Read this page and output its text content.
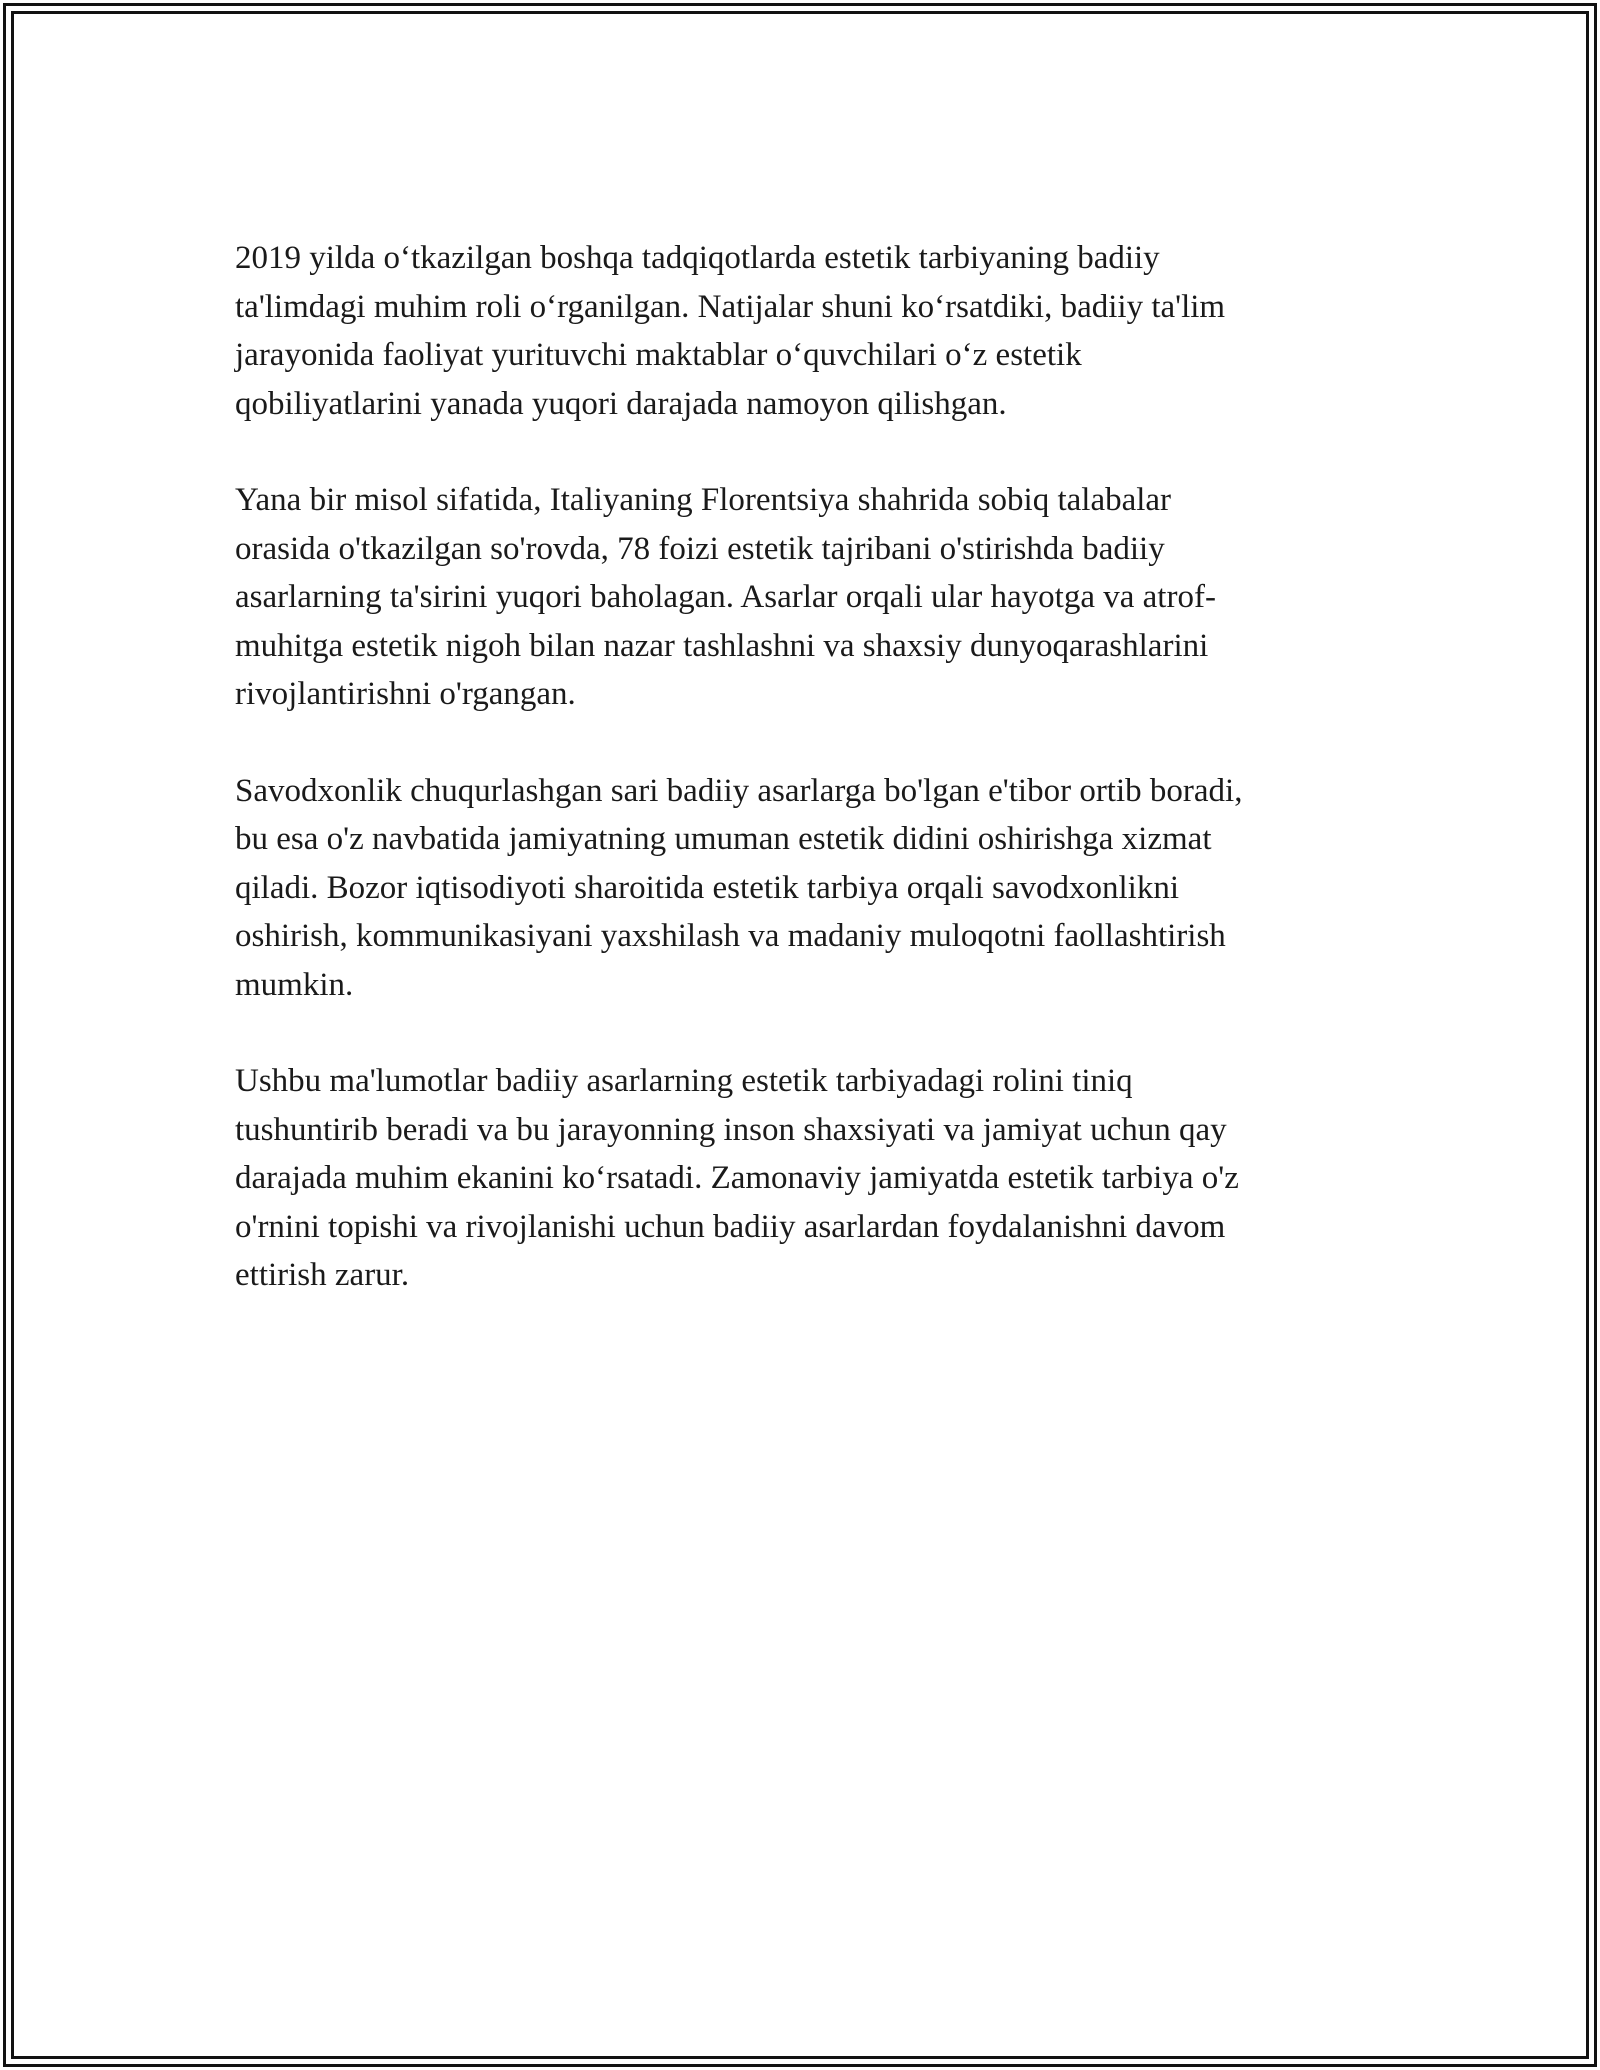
2019 yilda oʻtkazilgan boshqa tadqiqotlarda estetik tarbiyaning badiiy
ta'limdagi muhim roli oʻrganilgan. Natijalar shuni koʻrsatdiki, badiiy ta'lim
jarayonida faoliyat yurituvchi maktablar oʻquvchilari oʻz estetik
qobiliyatlarini yanada yuqori darajada namoyon qilishgan.

Yana bir misol sifatida, Italiyaning Florentsiya shahrida sobiq talabalar
orasida o'tkazilgan so'rovda, 78 foizi estetik tajribani o'stirishda badiiy
asarlarning ta'sirini yuqori baholagan. Asarlar orqali ular hayotga va atrof-
muhitga estetik nigoh bilan nazar tashlashni va shaxsiy dunyoqarashlarini
rivojlantirishni o'rgangan.

Savodxonlik chuqurlashgan sari badiiy asarlarga bo'lgan e'tibor ortib boradi,
bu esa o'z navbatida jamiyatning umuman estetik didini oshirishga xizmat
qiladi. Bozor iqtisodiyoti sharoitida estetik tarbiya orqali savodxonlikni
oshirish, kommunikasiyani yaxshilash va madaniy muloqotni faollashtirish
mumkin.

Ushbu ma'lumotlar badiiy asarlarning estetik tarbiyadagi rolini tiniq
tushuntirib beradi va bu jarayonning inson shaxsiyati va jamiyat uchun qay
darajada muhim ekanini koʻrsatadi. Zamonaviy jamiyatda estetik tarbiya o'z
o'rnini topishi va rivojlanishi uchun badiiy asarlardan foydalanishni davom
ettirish zarur.
